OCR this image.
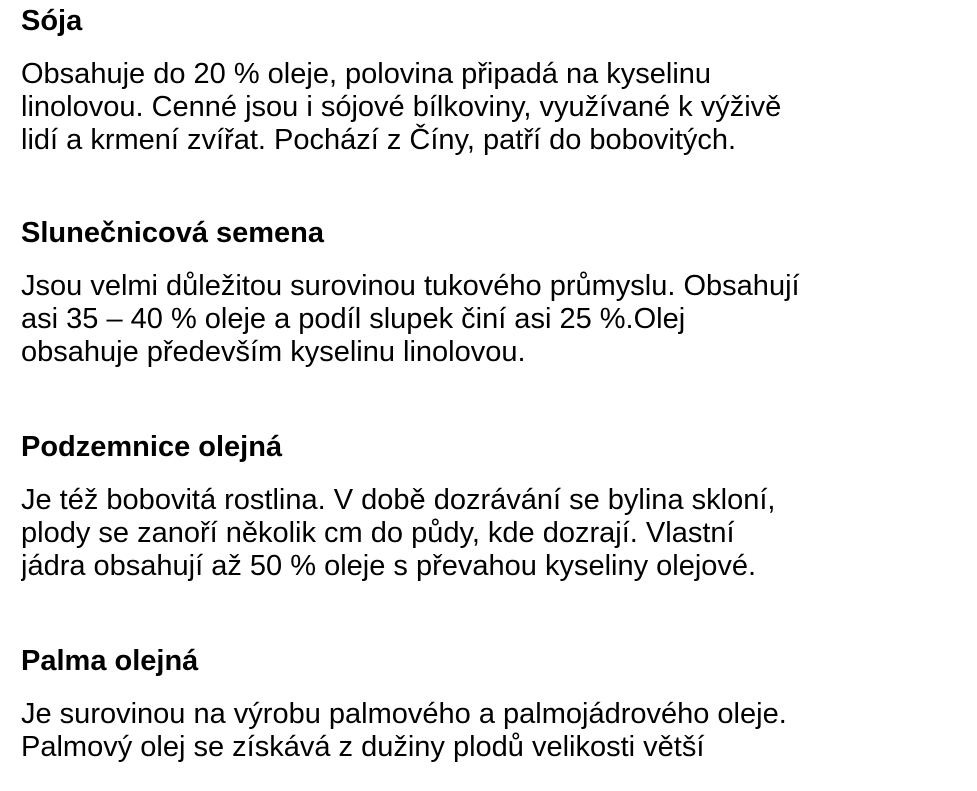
Sója
Obsahuje do 20 % oleje, polovina připadá na kyselinu
linolovou. Cenné jsou i sójové bílkoviny, využívané k výživě
lidí a krmení zvířat. Pochází z Číny, patří do bobovitých.
Slunečnicová semena
Jsou velmi důležitou surovinou tukového průmyslu. Obsahují
asi 35 – 40 % oleje a podíl slupek činí asi 25 %.Olej
obsahuje především kyselinu linolovou.
Podzemnice olejná
Je též bobovitá rostlina. V době dozrávání se bylina skloní,
plody se zanoří několik cm do půdy, kde dozrají. Vlastní
jádra obsahují až 50 % oleje s převahou kyseliny olejové.
Palma olejná
Je surovinou na výrobu palmového a palmojádrového oleje.
Palmový olej se získává z dužiny plodů velikosti větší
